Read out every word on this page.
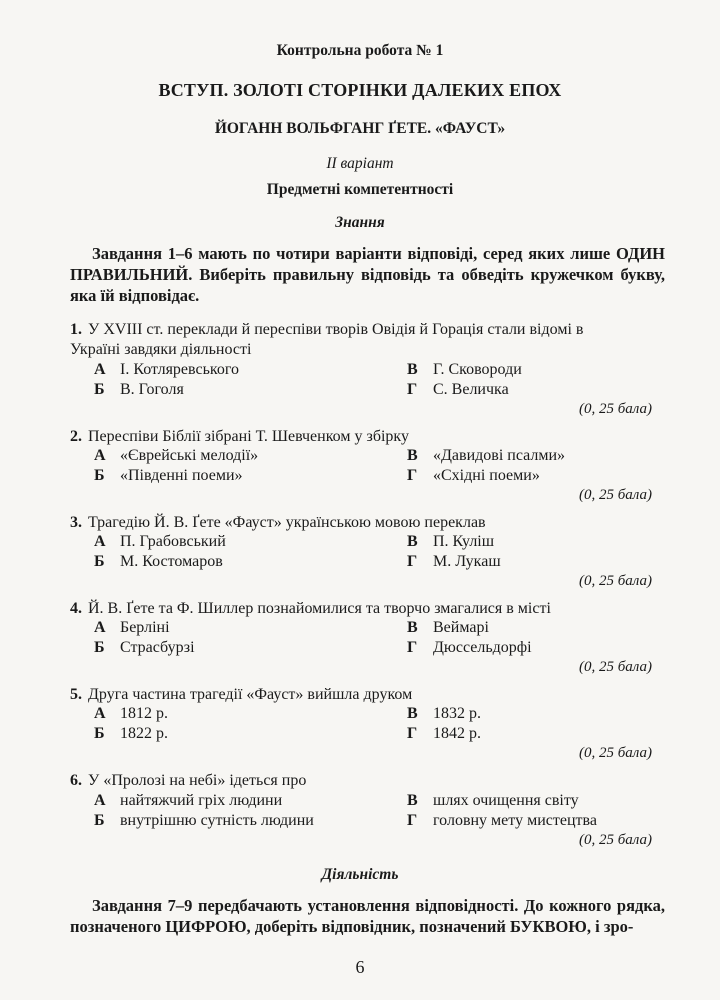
Контрольна робота № 1
ВСТУП. ЗОЛОТІ СТОРІНКИ ДАЛЕКИХ ЕПОХ
ЙОГАНН ВОЛЬФГАНГ ҐЕТЕ. «ФАУСТ»
ІІ варіант
Предметні компетентності
Знання
Завдання 1–6 мають по чотири варіанти відповіді, серед яких лише ОДИН ПРАВИЛЬНИЙ. Виберіть правильну відповідь та обведіть кружечком букву, яка їй відповідає.
1. У XVIII ст. переклади й переспіви творів Овідія й Горація стали відомі в
Україні завдяки діяльності
А І. Котляревського	В Г. Сковороди
Б В. Гоголя	Г С. Величка
(0, 25 бала)
2. Переспіви Біблії зібрані Т. Шевченком у збірку
А «Єврейські мелодії»	В «Давидові псалми»
Б «Південні поеми»	Г «Східні поеми»
(0, 25 бала)
3. Трагедію Й. В. Ґете «Фауст» українською мовою переклав
А П. Грабовський	В П. Куліш
Б М. Костомаров	Г М. Лукаш
(0, 25 бала)
4. Й. В. Ґете та Ф. Шиллер познайомилися та творчо змагалися в місті
А Берліні	В Веймарі
Б Страсбурзі	Г Дюссельдорфі
(0, 25 бала)
5. Друга частина трагедії «Фауст» вийшла друком
А 1812 р.	В 1832 р.
Б 1822 р.	Г 1842 р.
(0, 25 бала)
6. У «Пролозі на небі» ідеться про
А найтяжчий гріх людини	В шлях очищення світу
Б внутрішню сутність людини	Г головну мету мистецтва
(0, 25 бала)
Діяльність
Завдання 7–9 передбачають установлення відповідності. До кожного рядка, позначеного ЦИФРОЮ, доберіть відповідник, позначений БУКВОЮ, і зро-
6
